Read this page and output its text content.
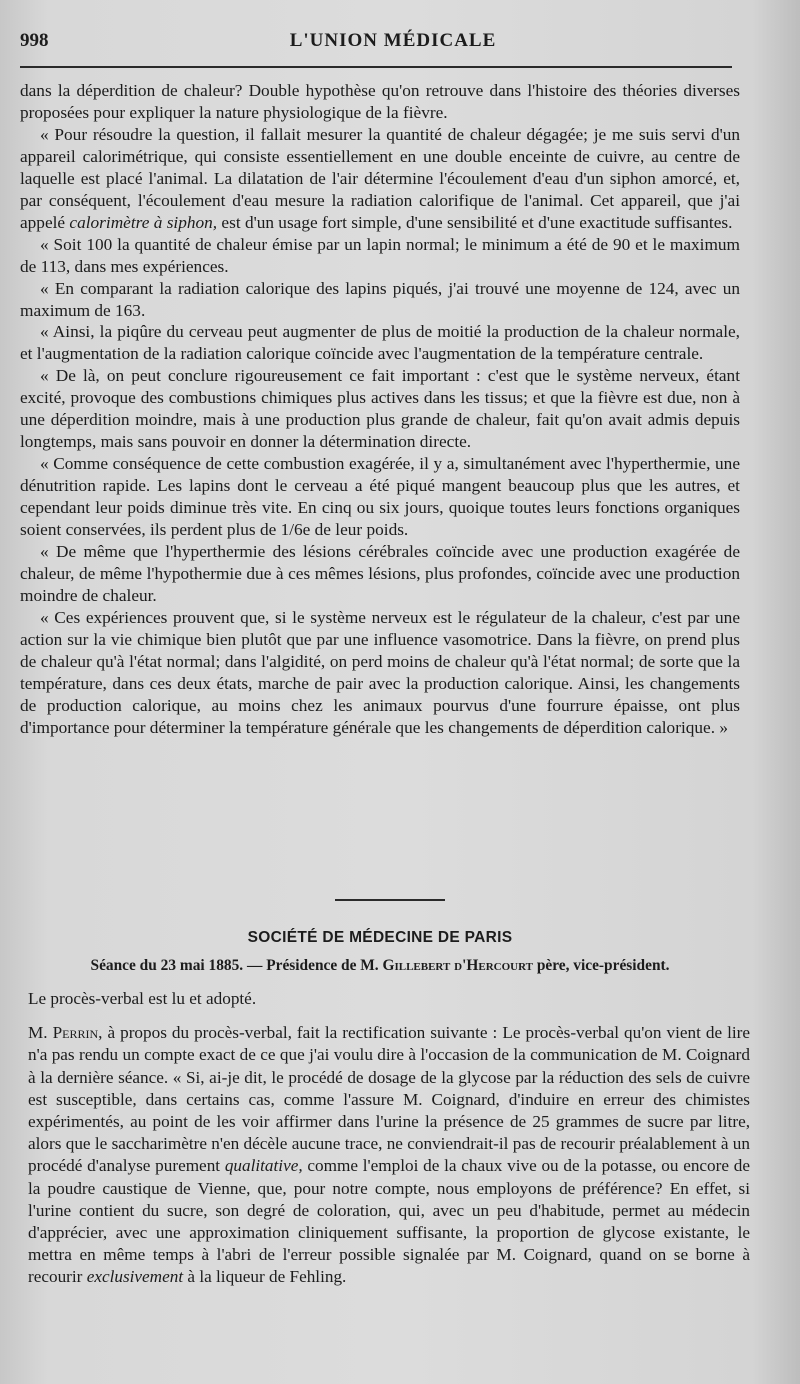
998	L'UNION MÉDICALE

dans la déperdition de chaleur? Double hypothèse qu'on retrouve dans l'histoire des théories diverses proposées pour expliquer la nature physiologique de la fièvre.

« Pour résoudre la question, il fallait mesurer la quantité de chaleur dégagée; je me suis servi d'un appareil calorimétrique, qui consiste essentiellement en une double enceinte de cuivre, au centre de laquelle est placé l'animal. La dilatation de l'air détermine l'écoulement d'eau d'un siphon amorcé, et, par conséquent, l'écoulement d'eau mesure la radiation calorifique de l'animal. Cet appareil, que j'ai appelé calorimètre à siphon, est d'un usage fort simple, d'une sensibilité et d'une exactitude suffisantes.

« Soit 100 la quantité de chaleur émise par un lapin normal; le minimum a été de 90 et le maximum de 113, dans mes expériences.

« En comparant la radiation calorique des lapins piqués, j'ai trouvé une moyenne de 124, avec un maximum de 163.

« Ainsi, la piqûre du cerveau peut augmenter de plus de moitié la production de la chaleur normale, et l'augmentation de la radiation calorique coïncide avec l'augmentation de la température centrale.

« De là, on peut conclure rigoureusement ce fait important : c'est que le système nerveux, étant excité, provoque des combustions chimiques plus actives dans les tissus; et que la fièvre est due, non à une déperdition moindre, mais à une production plus grande de chaleur, fait qu'on avait admis depuis longtemps, mais sans pouvoir en donner la détermination directe.

« Comme conséquence de cette combustion exagérée, il y a, simultanément avec l'hyperthermie, une dénutrition rapide. Les lapins dont le cerveau a été piqué mangent beaucoup plus que les autres, et cependant leur poids diminue très vite. En cinq ou six jours, quoique toutes leurs fonctions organiques soient conservées, ils perdent plus de 1/6e de leur poids.

« De même que l'hyperthermie des lésions cérébrales coïncide avec une production exagérée de chaleur, de même l'hypothermie due à ces mêmes lésions, plus profondes, coïncide avec une production moindre de chaleur.

« Ces expériences prouvent que, si le système nerveux est le régulateur de la chaleur, c'est par une action sur la vie chimique bien plutôt que par une influence vasomotrice. Dans la fièvre, on prend plus de chaleur qu'à l'état normal; dans l'algidité, on perd moins de chaleur qu'à l'état normal; de sorte que la température, dans ces deux états, marche de pair avec la production calorique. Ainsi, les changements de production calorique, au moins chez les animaux pourvus d'une fourrure épaisse, ont plus d'importance pour déterminer la température générale que les changements de déperdition calorique. »

SOCIÉTÉ DE MÉDECINE DE PARIS
Séance du 23 mai 1885. — Présidence de M. Gillebert d'Hercourt père, vice-président.

Le procès-verbal est lu et adopté.

M. Perrin, à propos du procès-verbal, fait la rectification suivante : Le procès-verbal qu'on vient de lire n'a pas rendu un compte exact de ce que j'ai voulu dire à l'occasion de la communication de M. Coignard à la dernière séance. « Si, ai-je dit, le procédé de dosage de la glycose par la réduction des sels de cuivre est susceptible, dans certains cas, comme l'assure M. Coignard, d'induire en erreur des chimistes expérimentés, au point de les voir affirmer dans l'urine la présence de 25 grammes de sucre par litre, alors que le saccharimètre n'en décèle aucune trace, ne conviendrait-il pas de recourir préalablement à un procédé d'analyse purement qualitative, comme l'emploi de la chaux vive ou de la potasse, ou encore de la poudre caustique de Vienne, que, pour notre compte, nous employons de préférence? En effet, si l'urine contient du sucre, son degré de coloration, qui, avec un peu d'habitude, permet au médecin d'apprécier, avec une approximation cliniquement suffisante, la proportion de glycose existante, le mettra en même temps à l'abri de l'erreur possible signalée par M. Coignard, quand on se borne à recourir exclusivement à la liqueur de Fehling.
